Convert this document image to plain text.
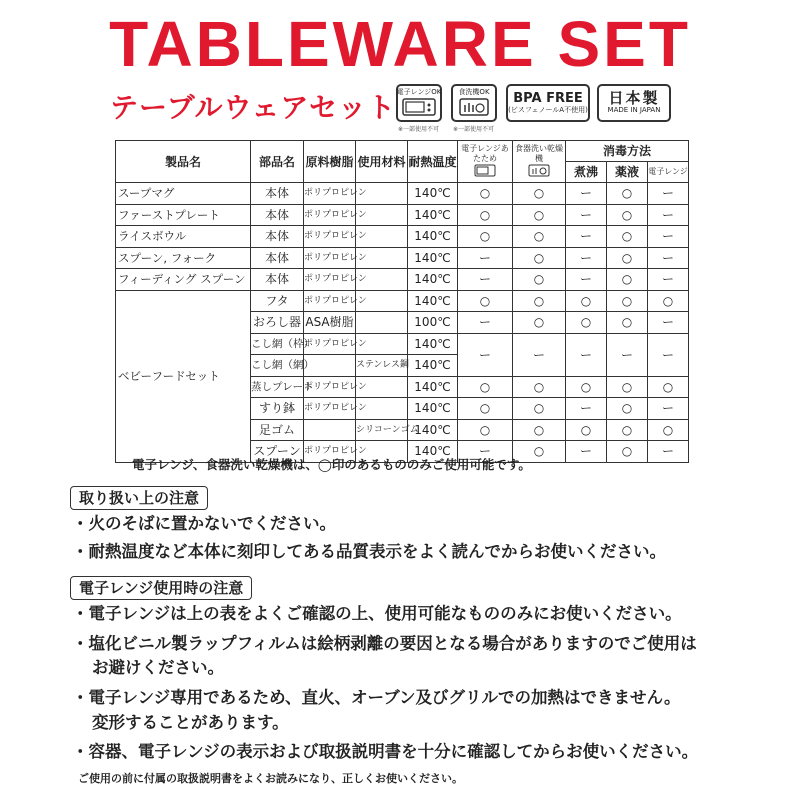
TABLEWARE SET
テーブルウェアセット 電子レンジOK
※一部使用不可
食洗機OK
※一部使用不可
BPA FREE
(ビスフェノールA不使用)
日本製
MADE IN JAPAN
製品名	部品名	原料樹脂	使用材料	耐熱温度	電子レンジあたため	食器洗い乾燥機	消毒方法		
							煮沸	薬液	電子レンジ
スープマグ	本体	ポリプロピレン		140℃	○	○	ー	○	ー
ファーストプレート	本体	ポリプロピレン		140℃	○	○	ー	○	ー
ライスボウル	本体	ポリプロピレン		140℃	○	○	ー	○	ー
スプーン, フォーク	本体	ポリプロピレン		140℃	ー	○	ー	○	ー
フィーディング スプーン	本体	ポリプロピレン		140℃	ー	○	ー	○	ー
ベビーフードセット	フタ	ポリプロピレン		140℃	○	○	○	○	○
	おろし器	ASA樹脂		100℃	ー	○	○	○	ー
	こし網（枠）	ポリプロピレン		140℃	ー	ー	ー	ー	ー
	こし網（網）		ステンレス鋼	140℃					
	蒸しプレート	ポリプロピレン		140℃	○	○	○	○	○
	すり鉢	ポリプロピレン		140℃	○	○	ー	○	ー
	足ゴム		シリコーンゴム	140℃	○	○	○	○	○
	スプーン	ポリプロピレン		140℃	ー	○	ー	○	ー
電子レンジ、食器洗い乾燥機は、◯印のあるもののみご使用可能です。
取り扱い上の注意
・火のそばに置かないでください。
・耐熱温度など本体に刻印してある品質表示をよく読んでからお使いください。
電子レンジ使用時の注意
・電子レンジは上の表をよくご確認の上、使用可能なもののみにお使いください。
・塩化ビニル製ラップフィルムは絵柄剥離の要因となる場合がありますのでご使用は
お避けください。
・電子レンジ専用であるため、直火、オーブン及びグリルでの加熱はできません。
変形することがあります。
・容器、電子レンジの表示および取扱説明書を十分に確認してからお使いください。
ご使用の前に付属の取扱説明書をよくお読みになり、正しくお使いください。
